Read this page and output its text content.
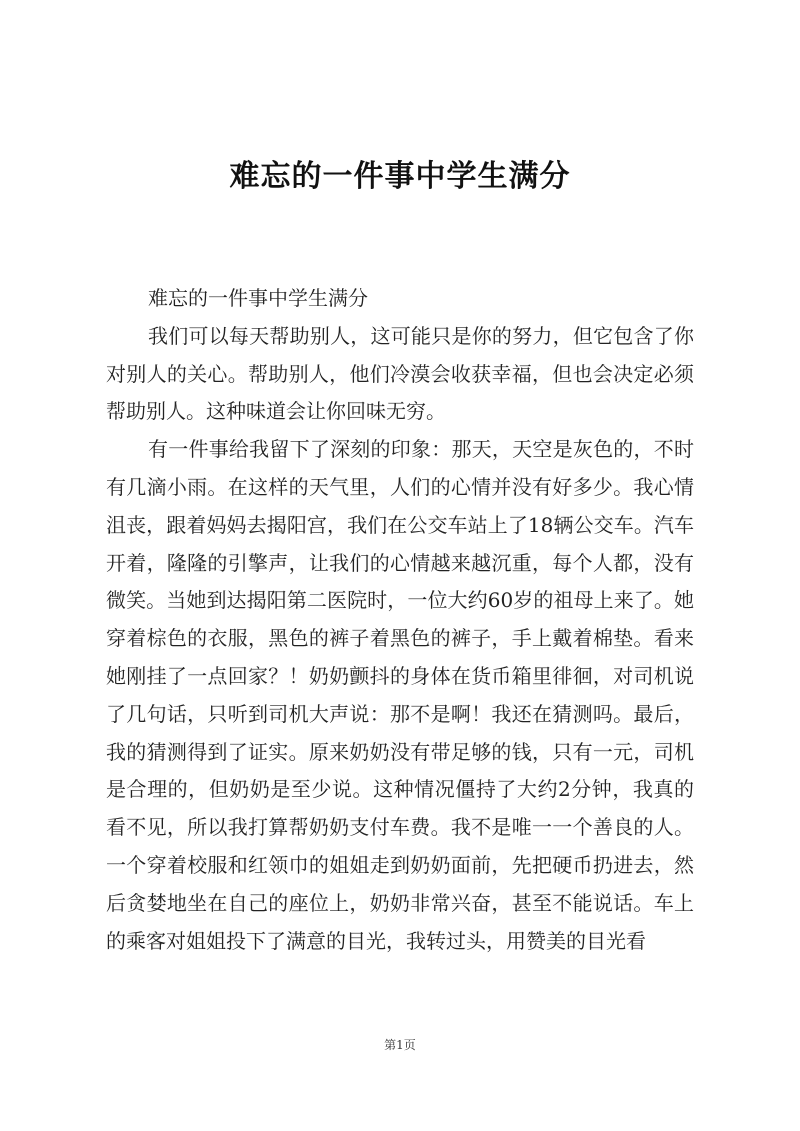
难忘的一件事中学生满分

难忘的一件事中学生满分

我们可以每天帮助别人，这可能只是你的努力，但它包含了你对别人的关心。帮助别人，他们冷漠会收获幸福，但也会决定必须帮助别人。这种味道会让你回味无穷。

有一件事给我留下了深刻的印象：那天，天空是灰色的，不时有几滴小雨。在这样的天气里，人们的心情并没有好多少。我心情沮丧，跟着妈妈去揭阳宫，我们在公交车站上了18辆公交车。汽车开着，隆隆的引擎声，让我们的心情越来越沉重，每个人都，没有微笑。当她到达揭阳第二医院时，一位大约60岁的祖母上来了。她穿着棕色的衣服，黑色的裤子着黑色的裤子，手上戴着棉垫。看来她刚挂了一点回家？！奶奶颤抖的身体在货币箱里徘徊，对司机说了几句话，只听到司机大声说：那不是啊！我还在猜测吗。最后，我的猜测得到了证实。原来奶奶没有带足够的钱，只有一元，司机是合理的，但奶奶是至少说。这种情况僵持了大约2分钟，我真的看不见，所以我打算帮奶奶支付车费。我不是唯一一个善良的人。一个穿着校服和红领巾的姐姐走到奶奶面前，先把硬币扔进去，然后贪婪地坐在自己的座位上，奶奶非常兴奋，甚至不能说话。车上的乘客对姐姐投下了满意的目光，我转过头，用赞美的目光看

第1页
